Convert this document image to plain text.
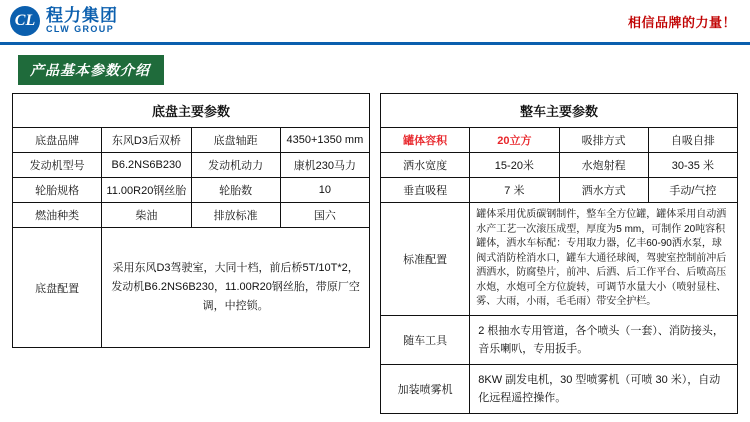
CL 程力集团
CLW GROUP	相信品牌的力量！
产品基本参数介绍
底盘主要参数			
底盘品牌	东风D3后双桥	底盘轴距	4350+1350 mm
发动机型号	B6.2NS6B230	发动机动力	康机230马力
轮胎规格	11.00R20钢丝胎	轮胎数	10
燃油种类	柴油	排放标准	国六
底盘配置	采用东风D3驾驶室，大同十档，前后桥5T/10T*2，发动机B6.2NS6B230，11.00R20钢丝胎，带原厂空调，中控锁。		
整车主要参数			
罐体容积	20立方	吸排方式	自吸自排
洒水宽度	15-20米	水炮射程	30-35 米
垂直吸程	7 米	洒水方式	手动/气控
标准配置	罐体采用优质碳钢制件，整车全方位罐，罐体采用自动洒水产工艺一次滚压成型，厚度为5 mm，可制作 20吨容积罐体，洒水车标配：专用取力器，亿丰60-90洒水泵，球阀式消防栓消水口，罐车大通径球阀，驾驶室控制前冲后洒洒水，防腐垫片，前冲、后洒、后工作平台、后喷高压水炮，水炮可全方位旋转，可调节水量大小（喷射显柱、雾、大雨，小雨，毛毛雨）带安全护栏。		
随车工具	2 根抽水专用管道，各个喷头（一套）、消防接头，音乐喇叭，专用扳手。		
加装喷雾机	8KW 副发电机，30 型喷雾机（可喷 30 米），自动化远程遥控操作。		
